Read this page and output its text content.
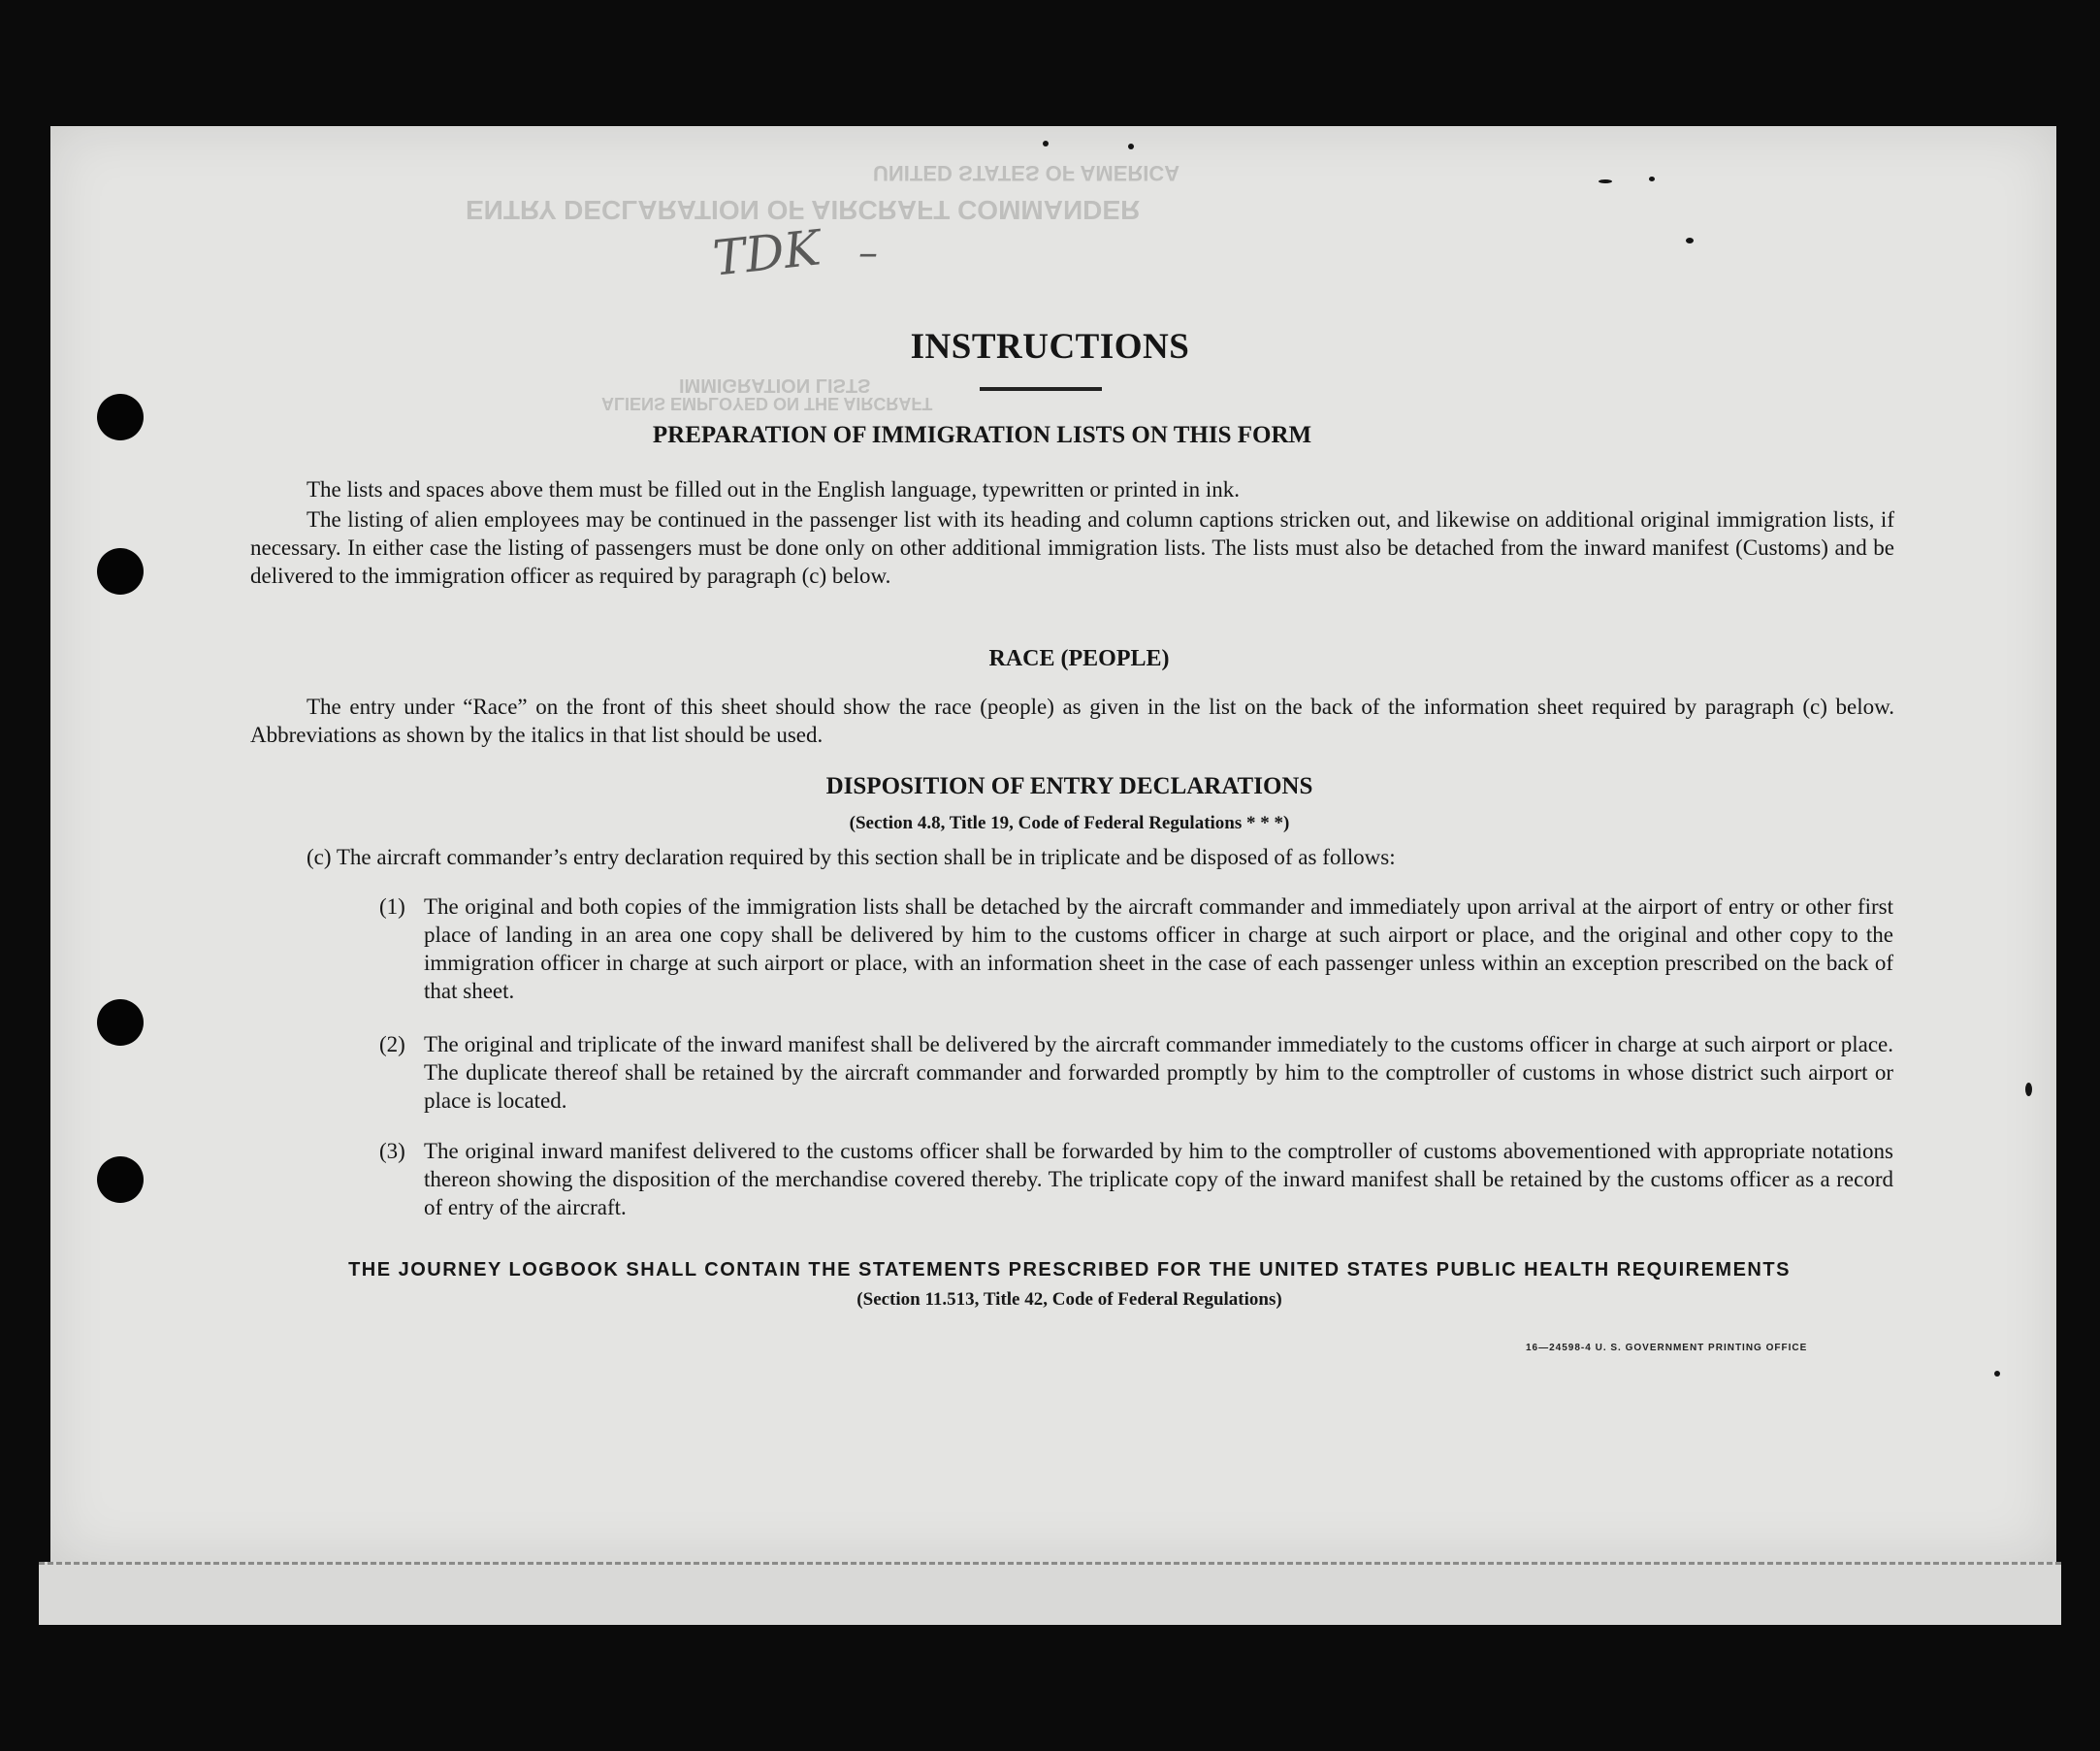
UNITED STATES OF AMERICA
ENTRY DECLARATION OF AIRCRAFT COMMANDER
IMMIGRATION LISTS
ALIENS EMPLOYED ON THE AIRCRAFT
TDK –
INSTRUCTIONS
PREPARATION OF IMMIGRATION LISTS ON THIS FORM
The lists and spaces above them must be filled out in the English language, typewritten or printed in ink.
The listing of alien employees may be continued in the passenger list with its heading and column captions stricken out, and likewise on additional original immigration lists, if necessary. In either case the listing of passengers must be done only on other additional immigration lists. The lists must also be detached from the inward manifest (Customs) and be delivered to the immigration officer as required by paragraph (c) below.
RACE (PEOPLE)
The entry under “Race” on the front of this sheet should show the race (people) as given in the list on the back of the information sheet required by paragraph (c) below. Abbreviations as shown by the italics in that list should be used.
DISPOSITION OF ENTRY DECLARATIONS
(Section 4.8, Title 19, Code of Federal Regulations * * *)
(c) The aircraft commander’s entry declaration required by this section shall be in triplicate and be disposed of as follows:
(1) The original and both copies of the immigration lists shall be detached by the aircraft commander and immediately upon arrival at the airport of entry or other first place of landing in an area one copy shall be delivered by him to the customs officer in charge at such airport or place, and the original and other copy to the immigration officer in charge at such airport or place, with an information sheet in the case of each passenger unless within an exception prescribed on the back of that sheet.
(2) The original and triplicate of the inward manifest shall be delivered by the aircraft commander immediately to the customs officer in charge at such airport or place. The duplicate thereof shall be retained by the aircraft commander and forwarded promptly by him to the comptroller of customs in whose district such airport or place is located.
(3) The original inward manifest delivered to the customs officer shall be forwarded by him to the comptroller of customs abovementioned with appropriate notations thereon showing the disposition of the merchandise covered thereby. The triplicate copy of the inward manifest shall be retained by the customs officer as a record of entry of the aircraft.
THE JOURNEY LOGBOOK SHALL CONTAIN THE STATEMENTS PRESCRIBED FOR THE UNITED STATES PUBLIC HEALTH REQUIREMENTS
(Section 11.513, Title 42, Code of Federal Regulations)
16—24598-4 U. S. GOVERNMENT PRINTING OFFICE
